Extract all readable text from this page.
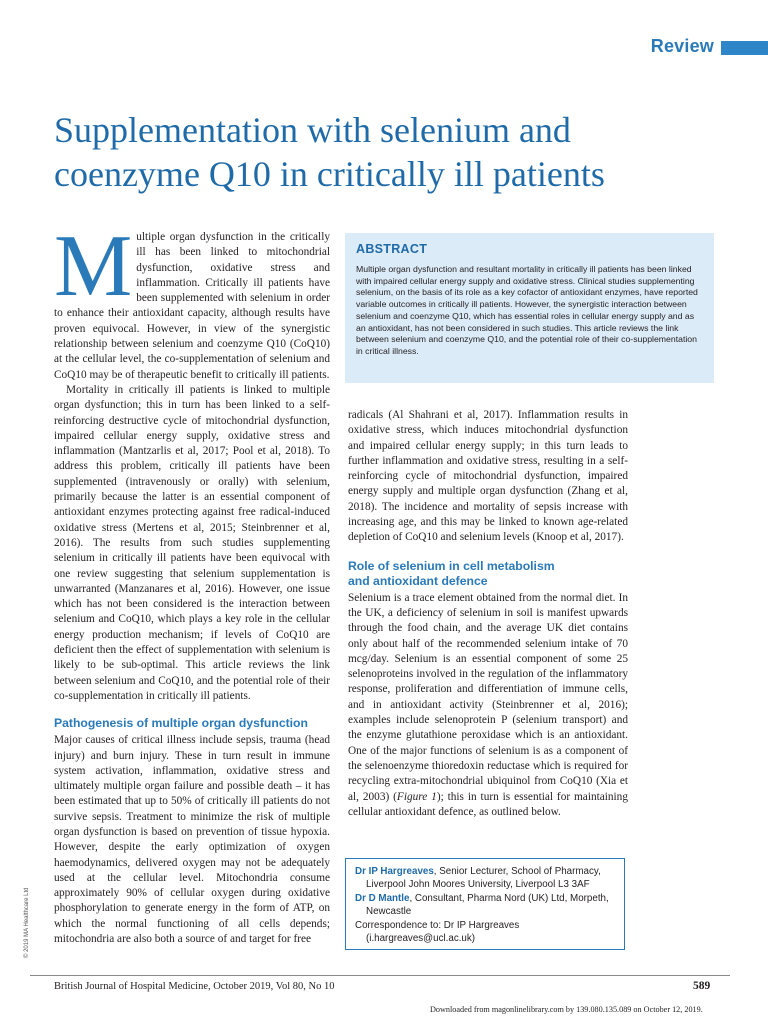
Review
Supplementation with selenium and coenzyme Q10 in critically ill patients

Multiple organ dysfunction in the critically ill has been linked to mitochondrial dysfunction, oxidative stress and inflammation. Critically ill patients have been supplemented with selenium in order to enhance their antioxidant capacity, although results have proven equivocal. However, in view of the synergistic relationship between selenium and coenzyme Q10 (CoQ10) at the cellular level, the co-supplementation of selenium and CoQ10 may be of therapeutic benefit to critically ill patients.

Mortality in critically ill patients is linked to multiple organ dysfunction; this in turn has been linked to a self-reinforcing destructive cycle of mitochondrial dysfunction, impaired cellular energy supply, oxidative stress and inflammation (Mantzarlis et al, 2017; Pool et al, 2018). To address this problem, critically ill patients have been supplemented (intravenously or orally) with selenium, primarily because the latter is an essential component of antioxidant enzymes protecting against free radical-induced oxidative stress (Mertens et al, 2015; Steinbrenner et al, 2016). The results from such studies supplementing selenium in critically ill patients have been equivocal with one review suggesting that selenium supplementation is unwarranted (Manzanares et al, 2016). However, one issue which has not been considered is the interaction between selenium and CoQ10, which plays a key role in the cellular energy production mechanism; if levels of CoQ10 are deficient then the effect of supplementation with selenium is likely to be sub-optimal. This article reviews the link between selenium and CoQ10, and the potential role of their co-supplementation in critically ill patients.

Pathogenesis of multiple organ dysfunction

Major causes of critical illness include sepsis, trauma (head injury) and burn injury. These in turn result in immune system activation, inflammation, oxidative stress and ultimately multiple organ failure and possible death – it has been estimated that up to 50% of critically ill patients do not survive sepsis. Treatment to minimize the risk of multiple organ dysfunction is based on prevention of tissue hypoxia. However, despite the early optimization of oxygen haemodynamics, delivered oxygen may not be adequately used at the cellular level. Mitochondria consume approximately 90% of cellular oxygen during oxidative phosphorylation to generate energy in the form of ATP, on which the normal functioning of all cells depends; mitochondria are also both a source of and target for free

ABSTRACT

Multiple organ dysfunction and resultant mortality in critically ill patients has been linked with impaired cellular energy supply and oxidative stress. Clinical studies supplementing selenium, on the basis of its role as a key cofactor of antioxidant enzymes, have reported variable outcomes in critically ill patients. However, the synergistic interaction between selenium and coenzyme Q10, which has essential roles in cellular energy supply and as an antioxidant, has not been considered in such studies. This article reviews the link between selenium and coenzyme Q10, and the potential role of their co-supplementation in critical illness.

radicals (Al Shahrani et al, 2017). Inflammation results in oxidative stress, which induces mitochondrial dysfunction and impaired cellular energy supply; in this turn leads to further inflammation and oxidative stress, resulting in a self-reinforcing cycle of mitochondrial dysfunction, impaired energy supply and multiple organ dysfunction (Zhang et al, 2018). The incidence and mortality of sepsis increase with increasing age, and this may be linked to known age-related depletion of CoQ10 and selenium levels (Knoop et al, 2017).

Role of selenium in cell metabolism
and antioxidant defence

Selenium is a trace element obtained from the normal diet. In the UK, a deficiency of selenium in soil is manifest upwards through the food chain, and the average UK diet contains only about half of the recommended selenium intake of 70 mcg/day. Selenium is an essential component of some 25 selenoproteins involved in the regulation of the inflammatory response, proliferation and differentiation of immune cells, and in antioxidant activity (Steinbrenner et al, 2016); examples include selenoprotein P (selenium transport) and the enzyme glutathione peroxidase which is an antioxidant. One of the major functions of selenium is as a component of the selenoenzyme thioredoxin reductase which is required for recycling extra-mitochondrial ubiquinol from CoQ10 (Xia et al, 2003) (Figure 1); this in turn is essential for maintaining cellular antioxidant defence, as outlined below.

Dr IP Hargreaves, Senior Lecturer, School of Pharmacy,

Liverpool John Moores University, Liverpool L3 3AF

Dr D Mantle, Consultant, Pharma Nord (UK) Ltd, Morpeth,

Newcastle

Correspondence to: Dr IP Hargreaves

(i.hargreaves@ucl.ac.uk)

© 2019 MA Healthcare Ltd
British Journal of Hospital Medicine, October 2019, Vol 80, No 10	589
Downloaded from magonlinelibrary.com by 139.080.135.089 on October 12, 2019.
